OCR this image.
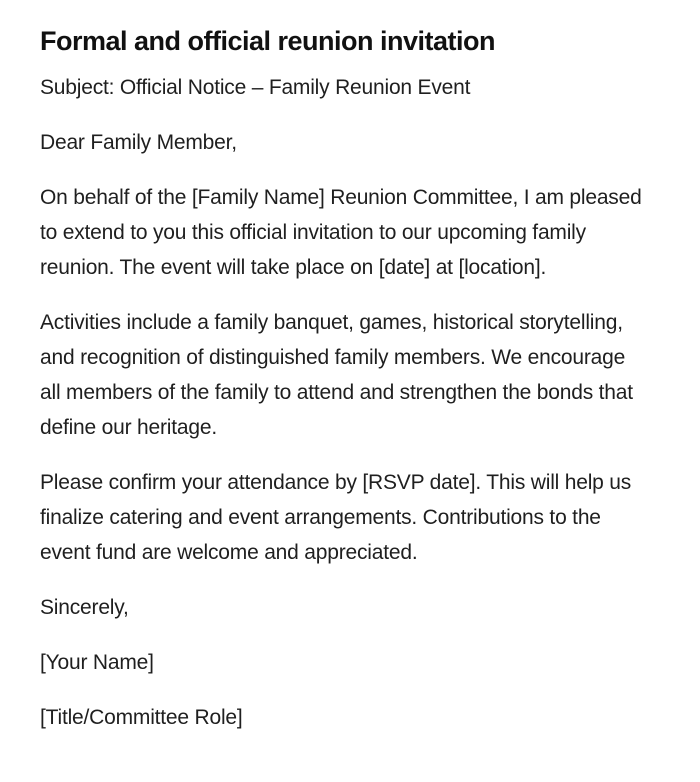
Formal and official reunion invitation

Subject: Official Notice – Family Reunion Event

Dear Family Member,

On behalf of the [Family Name] Reunion Committee, I am pleased to extend to you this official invitation to our upcoming family reunion. The event will take place on [date] at [location].

Activities include a family banquet, games, historical storytelling, and recognition of distinguished family members. We encourage all members of the family to attend and strengthen the bonds that define our heritage.

Please confirm your attendance by [RSVP date]. This will help us finalize catering and event arrangements. Contributions to the event fund are welcome and appreciated.

Sincerely,

[Your Name]

[Title/Committee Role]
